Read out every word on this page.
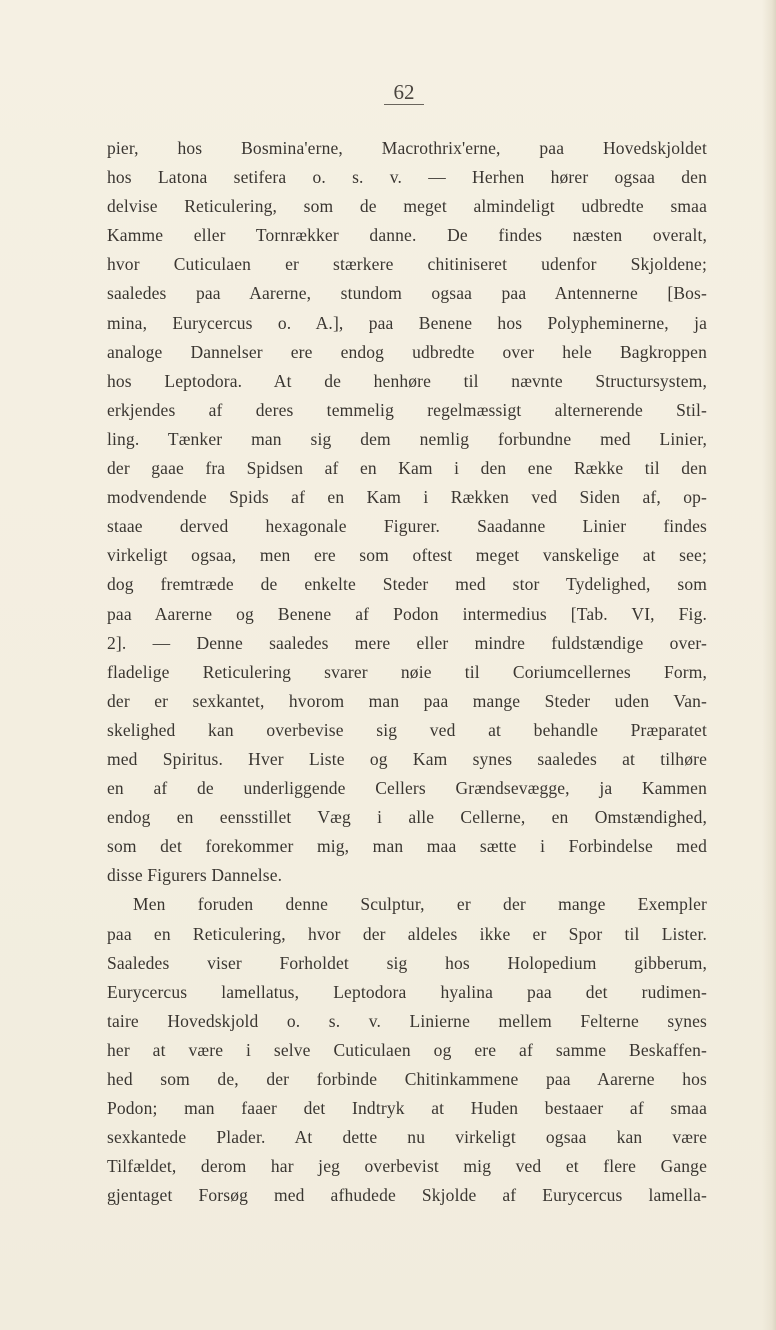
62
pier, hos Bosmina'erne, Macrothrix'erne, paa Hovedskjoldet
hos Latona setifera o. s. v. — Herhen hører ogsaa den
delvise Reticulering, som de meget almindeligt udbredte smaa
Kamme eller Tornrækker danne. De findes næsten overalt,
hvor Cuticulaen er stærkere chitiniseret udenfor Skjoldene;
saaledes paa Aarerne, stundom ogsaa paa Antennerne [Bos-
mina, Eurycercus o. A.], paa Benene hos Polypheminerne, ja
analoge Dannelser ere endog udbredte over hele Bagkroppen
hos Leptodora. At de henhøre til nævnte Structursystem,
erkjendes af deres temmelig regelmæssigt alternerende Stil-
ling. Tænker man sig dem nemlig forbundne med Linier,
der gaae fra Spidsen af en Kam i den ene Række til den
modvendende Spids af en Kam i Rækken ved Siden af, op-
staae derved hexagonale Figurer. Saadanne Linier findes
virkeligt ogsaa, men ere som oftest meget vanskelige at see;
dog fremtræde de enkelte Steder med stor Tydelighed, som
paa Aarerne og Benene af Podon intermedius [Tab. VI, Fig.
2]. — Denne saaledes mere eller mindre fuldstændige over-
fladelige Reticulering svarer nøie til Coriumcellernes Form,
der er sexkantet, hvorom man paa mange Steder uden Van-
skelighed kan overbevise sig ved at behandle Præparatet
med Spiritus. Hver Liste og Kam synes saaledes at tilhøre
en af de underliggende Cellers Grændsevægge, ja Kammen
endog en eensstillet Væg i alle Cellerne, en Omstændighed,
som det forekommer mig, man maa sætte i Forbindelse med
disse Figurers Dannelse.
Men foruden denne Sculptur, er der mange Exempler
paa en Reticulering, hvor der aldeles ikke er Spor til Lister.
Saaledes viser Forholdet sig hos Holopedium gibberum,
Eurycercus lamellatus, Leptodora hyalina paa det rudimen-
taire Hovedskjold o. s. v. Linierne mellem Felterne synes
her at være i selve Cuticulaen og ere af samme Beskaffen-
hed som de, der forbinde Chitinkammene paa Aarerne hos
Podon; man faaer det Indtryk at Huden bestaaer af smaa
sexkantede Plader. At dette nu virkeligt ogsaa kan være
Tilfældet, derom har jeg overbevist mig ved et flere Gange
gjentaget Forsøg med afhudede Skjolde af Eurycercus lamella-
